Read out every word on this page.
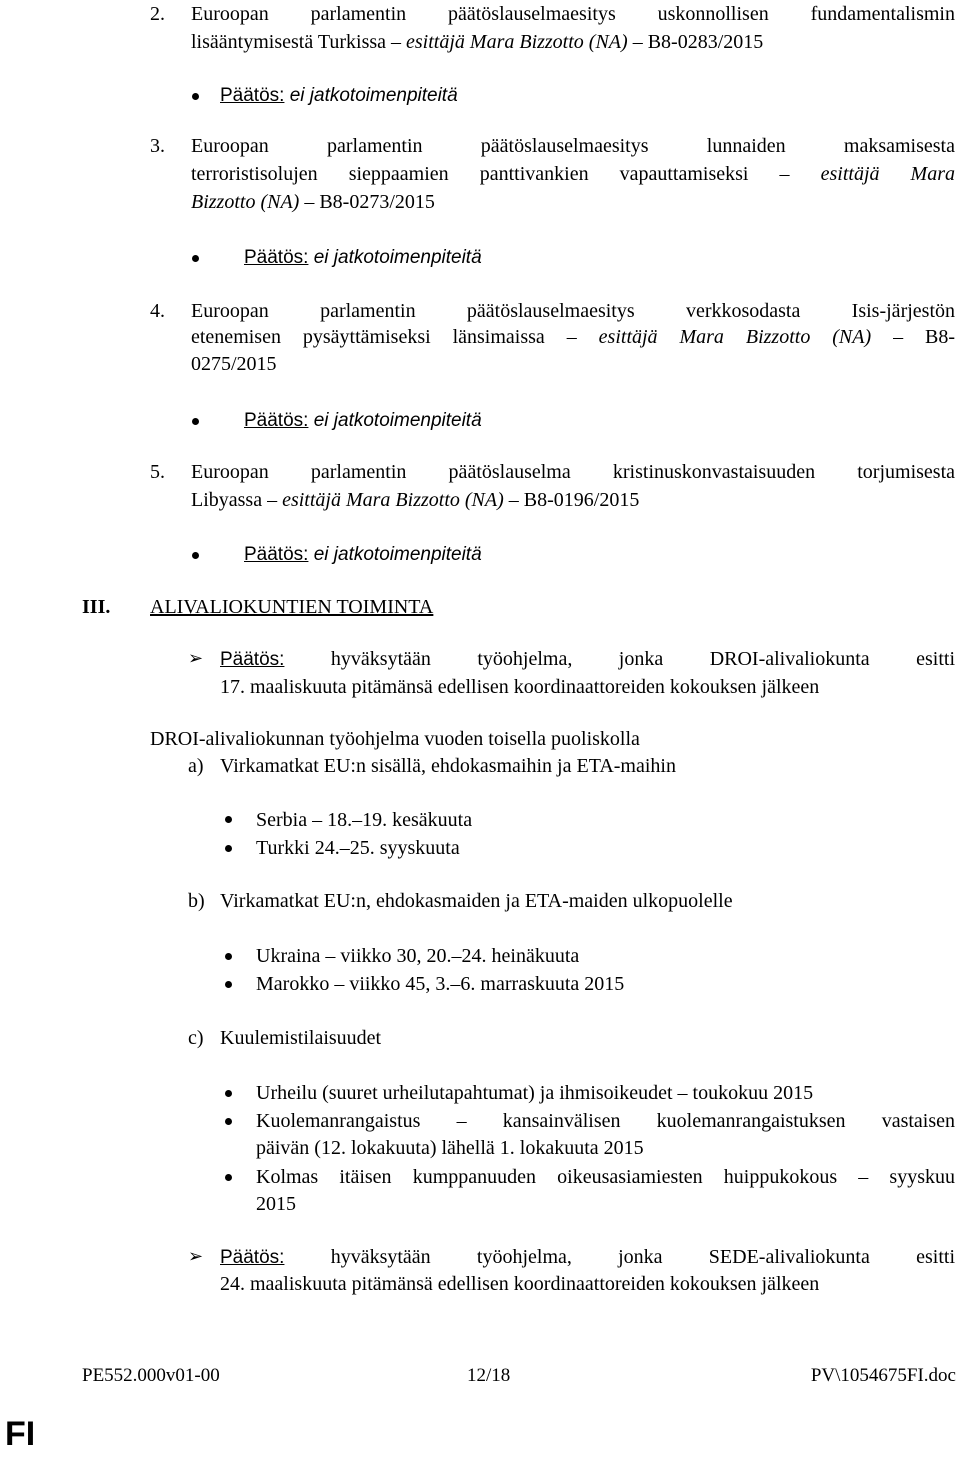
2. Euroopan parlamentin päätöslauselmaesitys uskonnollisen fundamentalismin
lisääntymisestä Turkissa – esittäjä Mara Bizzotto (NA) – B8-0283/2015
Päätös: ei jatkotoimenpiteitä
3. Euroopan parlamentin päätöslauselmaesitys lunnaiden maksamisesta
terroristisolujen sieppaamien panttivankien vapauttamiseksi – esittäjä Mara
Bizzotto (NA) – B8-0273/2015
Päätös: ei jatkotoimenpiteitä
4. Euroopan parlamentin päätöslauselmaesitys verkkosodasta Isis-järjestön
etenemisen pysäyttämiseksi länsimaissa – esittäjä Mara Bizzotto (NA) – B8-
0275/2015
Päätös: ei jatkotoimenpiteitä
5. Euroopan parlamentin päätöslauselma kristinuskonvastaisuuden torjumisesta
Libyassa – esittäjä Mara Bizzotto (NA) – B8-0196/2015
Päätös: ei jatkotoimenpiteitä
III. ALIVALIOKUNTIEN TOIMINTA
➢ Päätös: hyväksytään työohjelma, jonka DROI-alivaliokunta esitti
17. maaliskuuta pitämänsä edellisen koordinaattoreiden kokouksen jälkeen
DROI-alivaliokunnan työohjelma vuoden toisella puoliskolla
a) Virkamatkat EU:n sisällä, ehdokasmaihin ja ETA-maihin
Serbia – 18.–19. kesäkuuta
Turkki 24.–25. syyskuuta
b) Virkamatkat EU:n, ehdokasmaiden ja ETA-maiden ulkopuolelle
Ukraina – viikko 30, 20.–24. heinäkuuta
Marokko – viikko 45, 3.–6. marraskuuta 2015
c) Kuulemistilaisuudet
Urheilu (suuret urheilutapahtumat) ja ihmisoikeudet – toukokuu 2015
Kuolemanrangaistus – kansainvälisen kuolemanrangaistuksen vastaisen
päivän (12. lokakuuta) lähellä 1. lokakuuta 2015
Kolmas itäisen kumppanuuden oikeusasiamiesten huippukokous – syyskuu
2015
➢ Päätös: hyväksytään työohjelma, jonka SEDE-alivaliokunta esitti
24. maaliskuuta pitämänsä edellisen koordinaattoreiden kokouksen jälkeen
PE552.000v01-00	12/18	PV\1054675FI.doc
FI
